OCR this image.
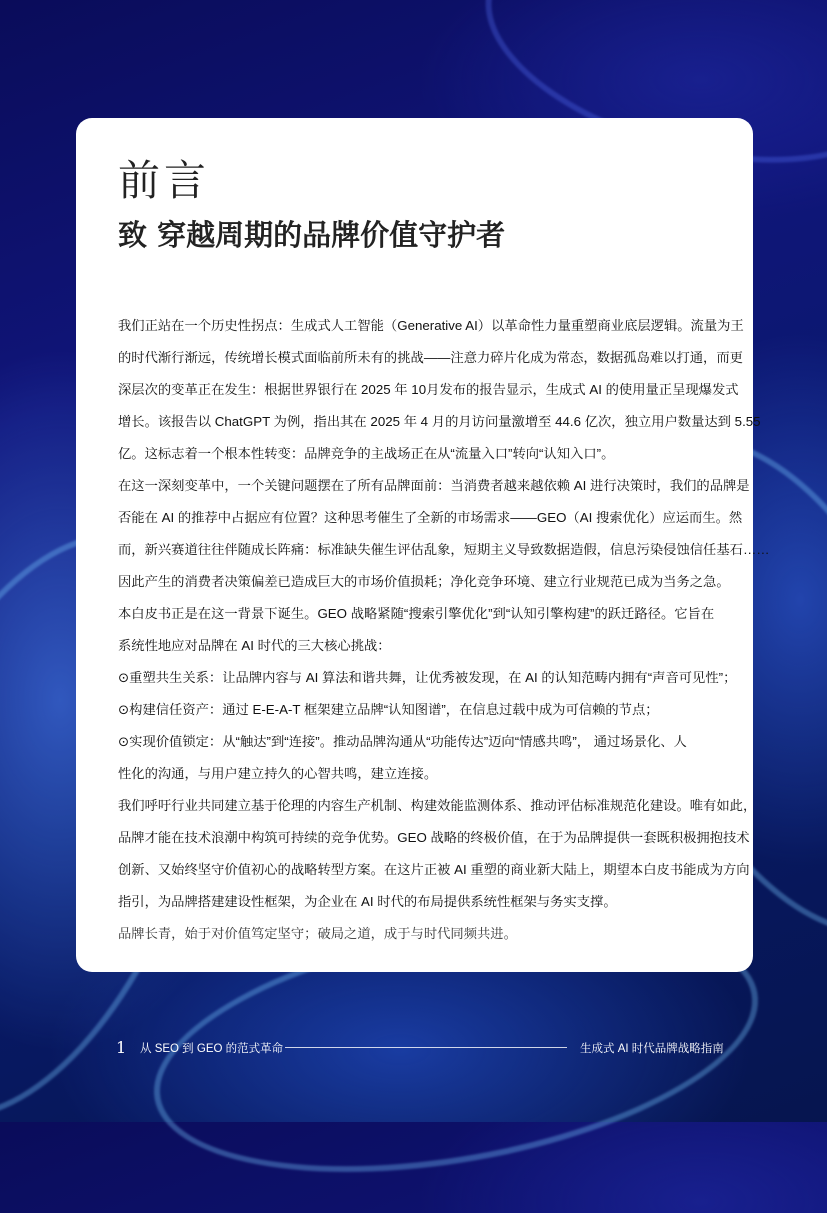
前言
致 穿越周期的品牌价值守护者
我们正站在一个历史性拐点：生成式人工智能（Generative AI）以革命性力量重塑商业底层逻辑。流量为王
的时代渐行渐远，传统增长模式面临前所未有的挑战——注意力碎片化成为常态，数据孤岛难以打通，而更
深层次的变革正在发生：根据世界银行在 2025 年 10月发布的报告显示，生成式 AI 的使用量正呈现爆发式
增长。该报告以 ChatGPT 为例，指出其在 2025 年 4 月的月访问量激增至 44.6 亿次，独立用户数量达到 5.55
亿。这标志着一个根本性转变：品牌竞争的主战场正在从“流量入口”转向“认知入口”。
在这一深刻变革中，一个关键问题摆在了所有品牌面前：当消费者越来越依赖 AI 进行决策时，我们的品牌是
否能在 AI 的推荐中占据应有位置？这种思考催生了全新的市场需求——GEO（AI 搜索优化）应运而生。然
而，新兴赛道往往伴随成长阵痛：标准缺失催生评估乱象，短期主义导致数据造假，信息污染侵蚀信任基石……
因此产生的消费者决策偏差已造成巨大的市场价值损耗；净化竞争环境、建立行业规范已成为当务之急。
本白皮书正是在这一背景下诞生。GEO 战略紧随“搜索引擎优化”到“认知引擎构建”的跃迁路径。它旨在
系统性地应对品牌在 AI 时代的三大核心挑战：
⊙重塑共生关系：让品牌内容与 AI 算法和谐共舞，让优秀被发现，在 AI 的认知范畴内拥有“声音可见性”；
⊙构建信任资产：通过 E-E-A-T 框架建立品牌“认知图谱”，在信息过载中成为可信赖的节点；
⊙实现价值锁定：从“触达”到“连接”。推动品牌沟通从“功能传达”迈向“情感共鸣”， 通过场景化、人
性化的沟通，与用户建立持久的心智共鸣，建立连接。
我们呼吁行业共同建立基于伦理的内容生产机制、构建效能监测体系、推动评估标准规范化建设。唯有如此，
品牌才能在技术浪潮中构筑可持续的竞争优势。GEO 战略的终极价值，在于为品牌提供一套既积极拥抱技术
创新、又始终坚守价值初心的战略转型方案。在这片正被 AI 重塑的商业新大陆上，期望本白皮书能成为方向
指引，为品牌搭建建设性框架，为企业在 AI 时代的布局提供系统性框架与务实支撑。
品牌长青，始于对价值笃定坚守；破局之道，成于与时代同频共进。
1 从 SEO 到 GEO 的范式革命	生成式 AI 时代品牌战略指南
